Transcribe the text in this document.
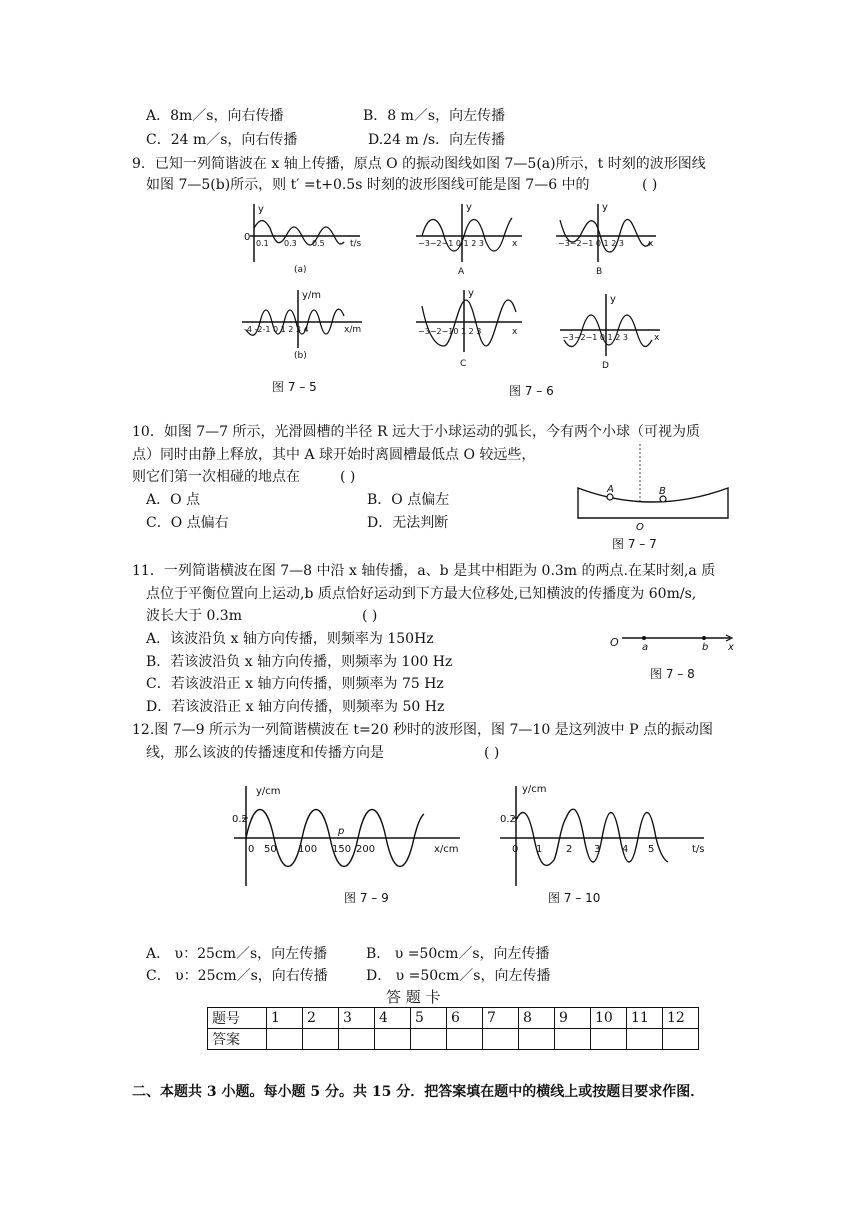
A．8m／s，向右传播	B．8 m／s，向左传播
C．24 m／s，向右传播	D.24 m /s．向左传播
9．已知一列简谐波在 x 轴上传播，原点 O 的振动图线如图 7—5(a)所示，t 时刻的波形图线
如图 7—5(b)所示，则 t′ =t+0.5s 时刻的波形图线可能是图 7—6 中的	( )
y
0
0.1 0.3 0.5	t/s
(a)
y
−3−2−1 0 1 2 3	x
A
y
−3−2−1 0 1 2 3	x
B
y/m
-4 -2-1 0 1 2 3 4	x/m
(b)
y
−3−2−10 1 2 3	x
C
y
−3−2−1 0 1 2 3	x
D
图 7 – 5	图 7 – 6
10．如图 7—7 所示，光滑圆槽的半径 R 远大于小球运动的弧长，今有两个小球（可视为质
点）同时由静上释放，其中 A 球开始时离圆槽最低点 O 较远些，
则它们第一次相碰的地点在	( )
A．O 点	B．O 点偏左
C．O 点偏右	D．无法判断
A	B
O
图 7 – 7
11．一列简谐横波在图 7—8 中沿 x 轴传播，a、b 是其中相距为 0.3m 的两点.在某时刻,a 质
点位于平衡位置向上运动,b 质点恰好运动到下方最大位移处,已知横波的传播度为 60m/s,
波长大于 0.3m	( )
A．该波沿负 x 轴方向传播，则频率为 150Hz
B．若该波沿负 x 轴方向传播，则频率为 100 Hz
C．若该波沿正 x 轴方向传播，则频率为 75 Hz
D．若该波沿正 x 轴方向传播，则频率为 50 Hz
O a	b x
图 7 – 8
12.图 7—9 所示为一列简谐横波在 t=20 秒时的波形图，图 7—10 是这列波中 P 点的振动图
线，那么该波的传播速度和传播方向是	( )
y/cm
0.2
0 50 100 150 200
p
x/cm
图 7 – 9
y/cm
0.2
0 1 2 3 4 5	t/s
图 7 – 10
A． υ：25cm／s，向左传播	B． υ =50cm／s，向左传播
C． υ：25cm／s，向右传播	D． υ =50cm／s，向左传播
答 题 卡
题号	1	2	3	4	5	6	7	8	9	10	11	12
答案												
二、本题共 3 小题。每小题 5 分。共 15 分．把答案填在题中的横线上或按题目要求作图．
